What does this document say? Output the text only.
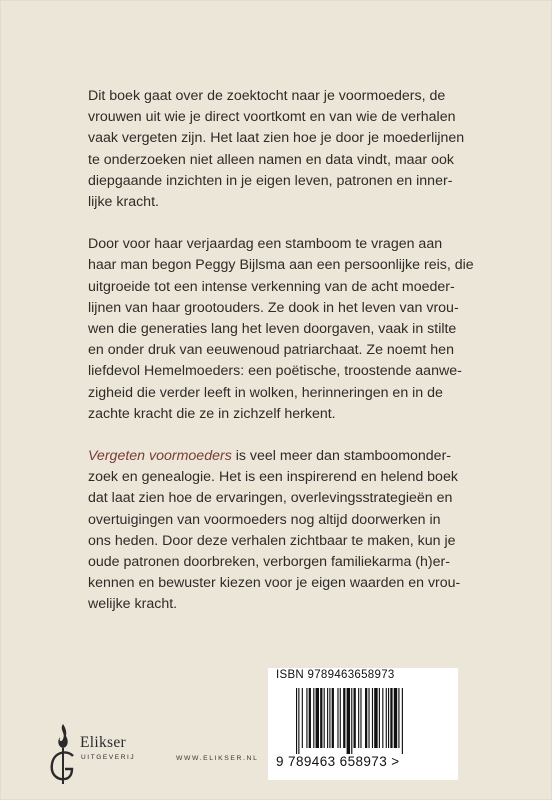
Dit boek gaat over de zoektocht naar je voormoeders, de
vrouwen uit wie je direct voortkomt en van wie de verhalen
vaak vergeten zijn. Het laat zien hoe je door je moederlijnen
te onderzoeken niet alleen namen en data vindt, maar ook
diepgaande inzichten in je eigen leven, patronen en inner-
lijke kracht.

Door voor haar verjaardag een stamboom te vragen aan
haar man begon Peggy Bijlsma aan een persoonlijke reis, die
uitgroeide tot een intense verkenning van de acht moeder-
lijnen van haar grootouders. Ze dook in het leven van vrou-
wen die generaties lang het leven doorgaven, vaak in stilte
en onder druk van eeuwenoud patriarchaat. Ze noemt hen
liefdevol Hemelmoeders: een poëtische, troostende aanwe-
zigheid die verder leeft in wolken, herinneringen en in de
zachte kracht die ze in zichzelf herkent.

Vergeten voormoeders is veel meer dan stamboomonder-
zoek en genealogie. Het is een inspirerend en helend boek
dat laat zien hoe de ervaringen, overlevingsstrategieën en
overtuigingen van voormoeders nog altijd doorwerken in
ons heden. Door deze verhalen zichtbaar te maken, kun je
oude patronen doorbreken, verborgen familiekarma (h)er-
kennen en bewuster kiezen voor je eigen waarden en vrou-
welijke kracht.

Elikser
UITGEVERIJ	WWW.ELIKSER.NL
ISBN 9789463658973
9 789463 658973 >
